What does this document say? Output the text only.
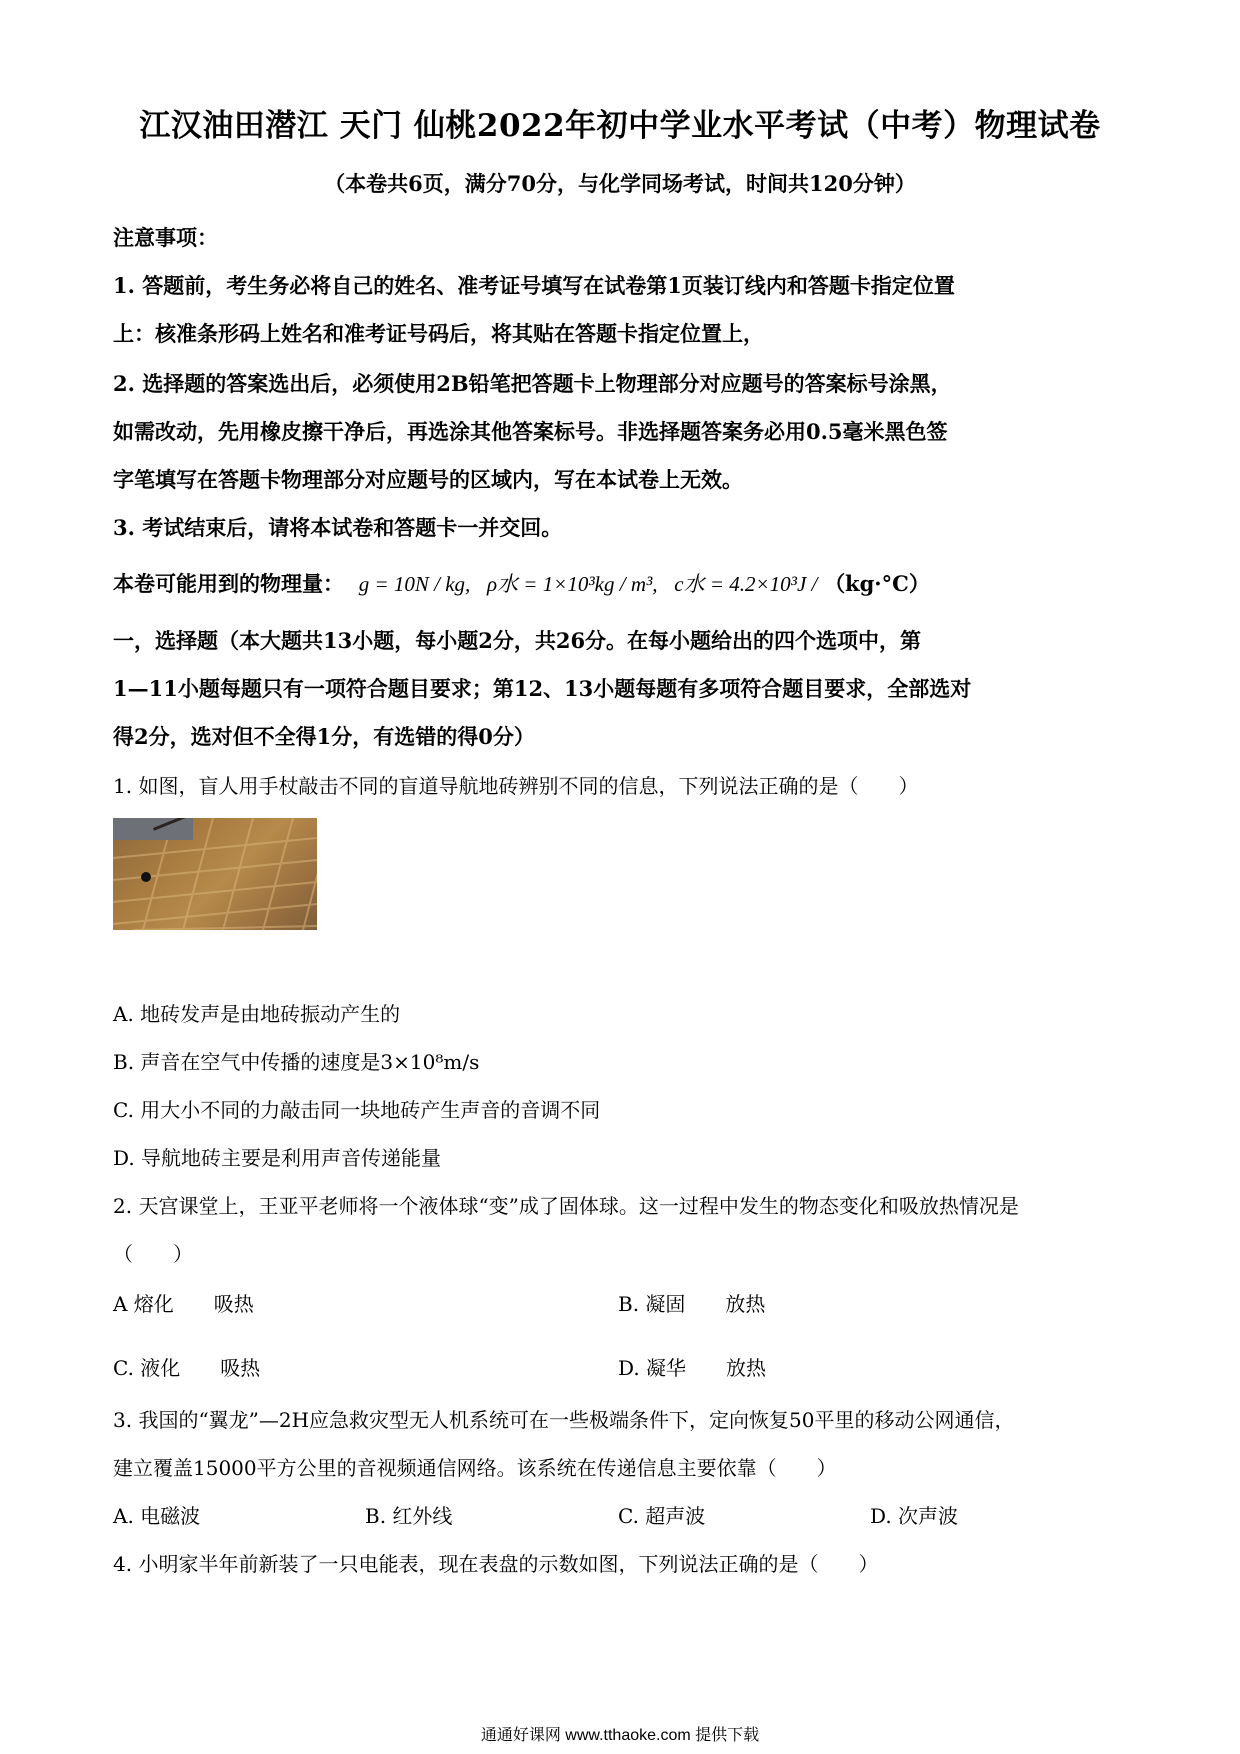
江汉油田潜江 天门 仙桃2022年初中学业水平考试（中考）物理试卷
（本卷共6页，满分70分，与化学同场考试，时间共120分钟）
注意事项：
1. 答题前，考生务必将自己的姓名、准考证号填写在试卷第1页装订线内和答题卡指定位置
上：核准条形码上姓名和准考证号码后，将其贴在答题卡指定位置上，
2. 选择题的答案选出后，必须使用2B铅笔把答题卡上物理部分对应题号的答案标号涂黑，
如需改动，先用橡皮擦干净后，再选涂其他答案标号。非选择题答案务必用0.5毫米黑色签
字笔填写在答题卡物理部分对应题号的区域内，写在本试卷上无效。
3. 考试结束后，请将本试卷和答题卡一并交回。
本卷可能用到的物理量： g = 10N / kg, ρ水 = 1×10³kg / m³, c水 = 4.2×10³J / （kg·°C）
一，选择题（本大题共13小题，每小题2分，共26分。在每小题给出的四个选项中，第
1—11小题每题只有一项符合题目要求；第12、13小题每题有多项符合题目要求，全部选对
得2分，选对但不全得1分，有选错的得0分）
1. 如图，盲人用手杖敲击不同的盲道导航地砖辨别不同的信息，下列说法正确的是（　　）
A. 地砖发声是由地砖振动产生的
B. 声音在空气中传播的速度是3×10⁸m/s
C. 用大小不同的力敲击同一块地砖产生声音的音调不同
D. 导航地砖主要是利用声音传递能量
2. 天宫课堂上，王亚平老师将一个液体球“变”成了固体球。这一过程中发生的物态变化和吸放热情况是
（　　）
A 熔化　　吸热	B. 凝固　　放热
C. 液化　　吸热	D. 凝华　　放热
3. 我国的“翼龙”—2H应急救灾型无人机系统可在一些极端条件下，定向恢复50平里的移动公网通信，
建立覆盖15000平方公里的音视频通信网络。该系统在传递信息主要依靠（　　）
A. 电磁波	B. 红外线	C. 超声波	D. 次声波
4. 小明家半年前新装了一只电能表，现在表盘的示数如图，下列说法正确的是（　　）
通通好课网 www.tthaoke.com 提供下载
